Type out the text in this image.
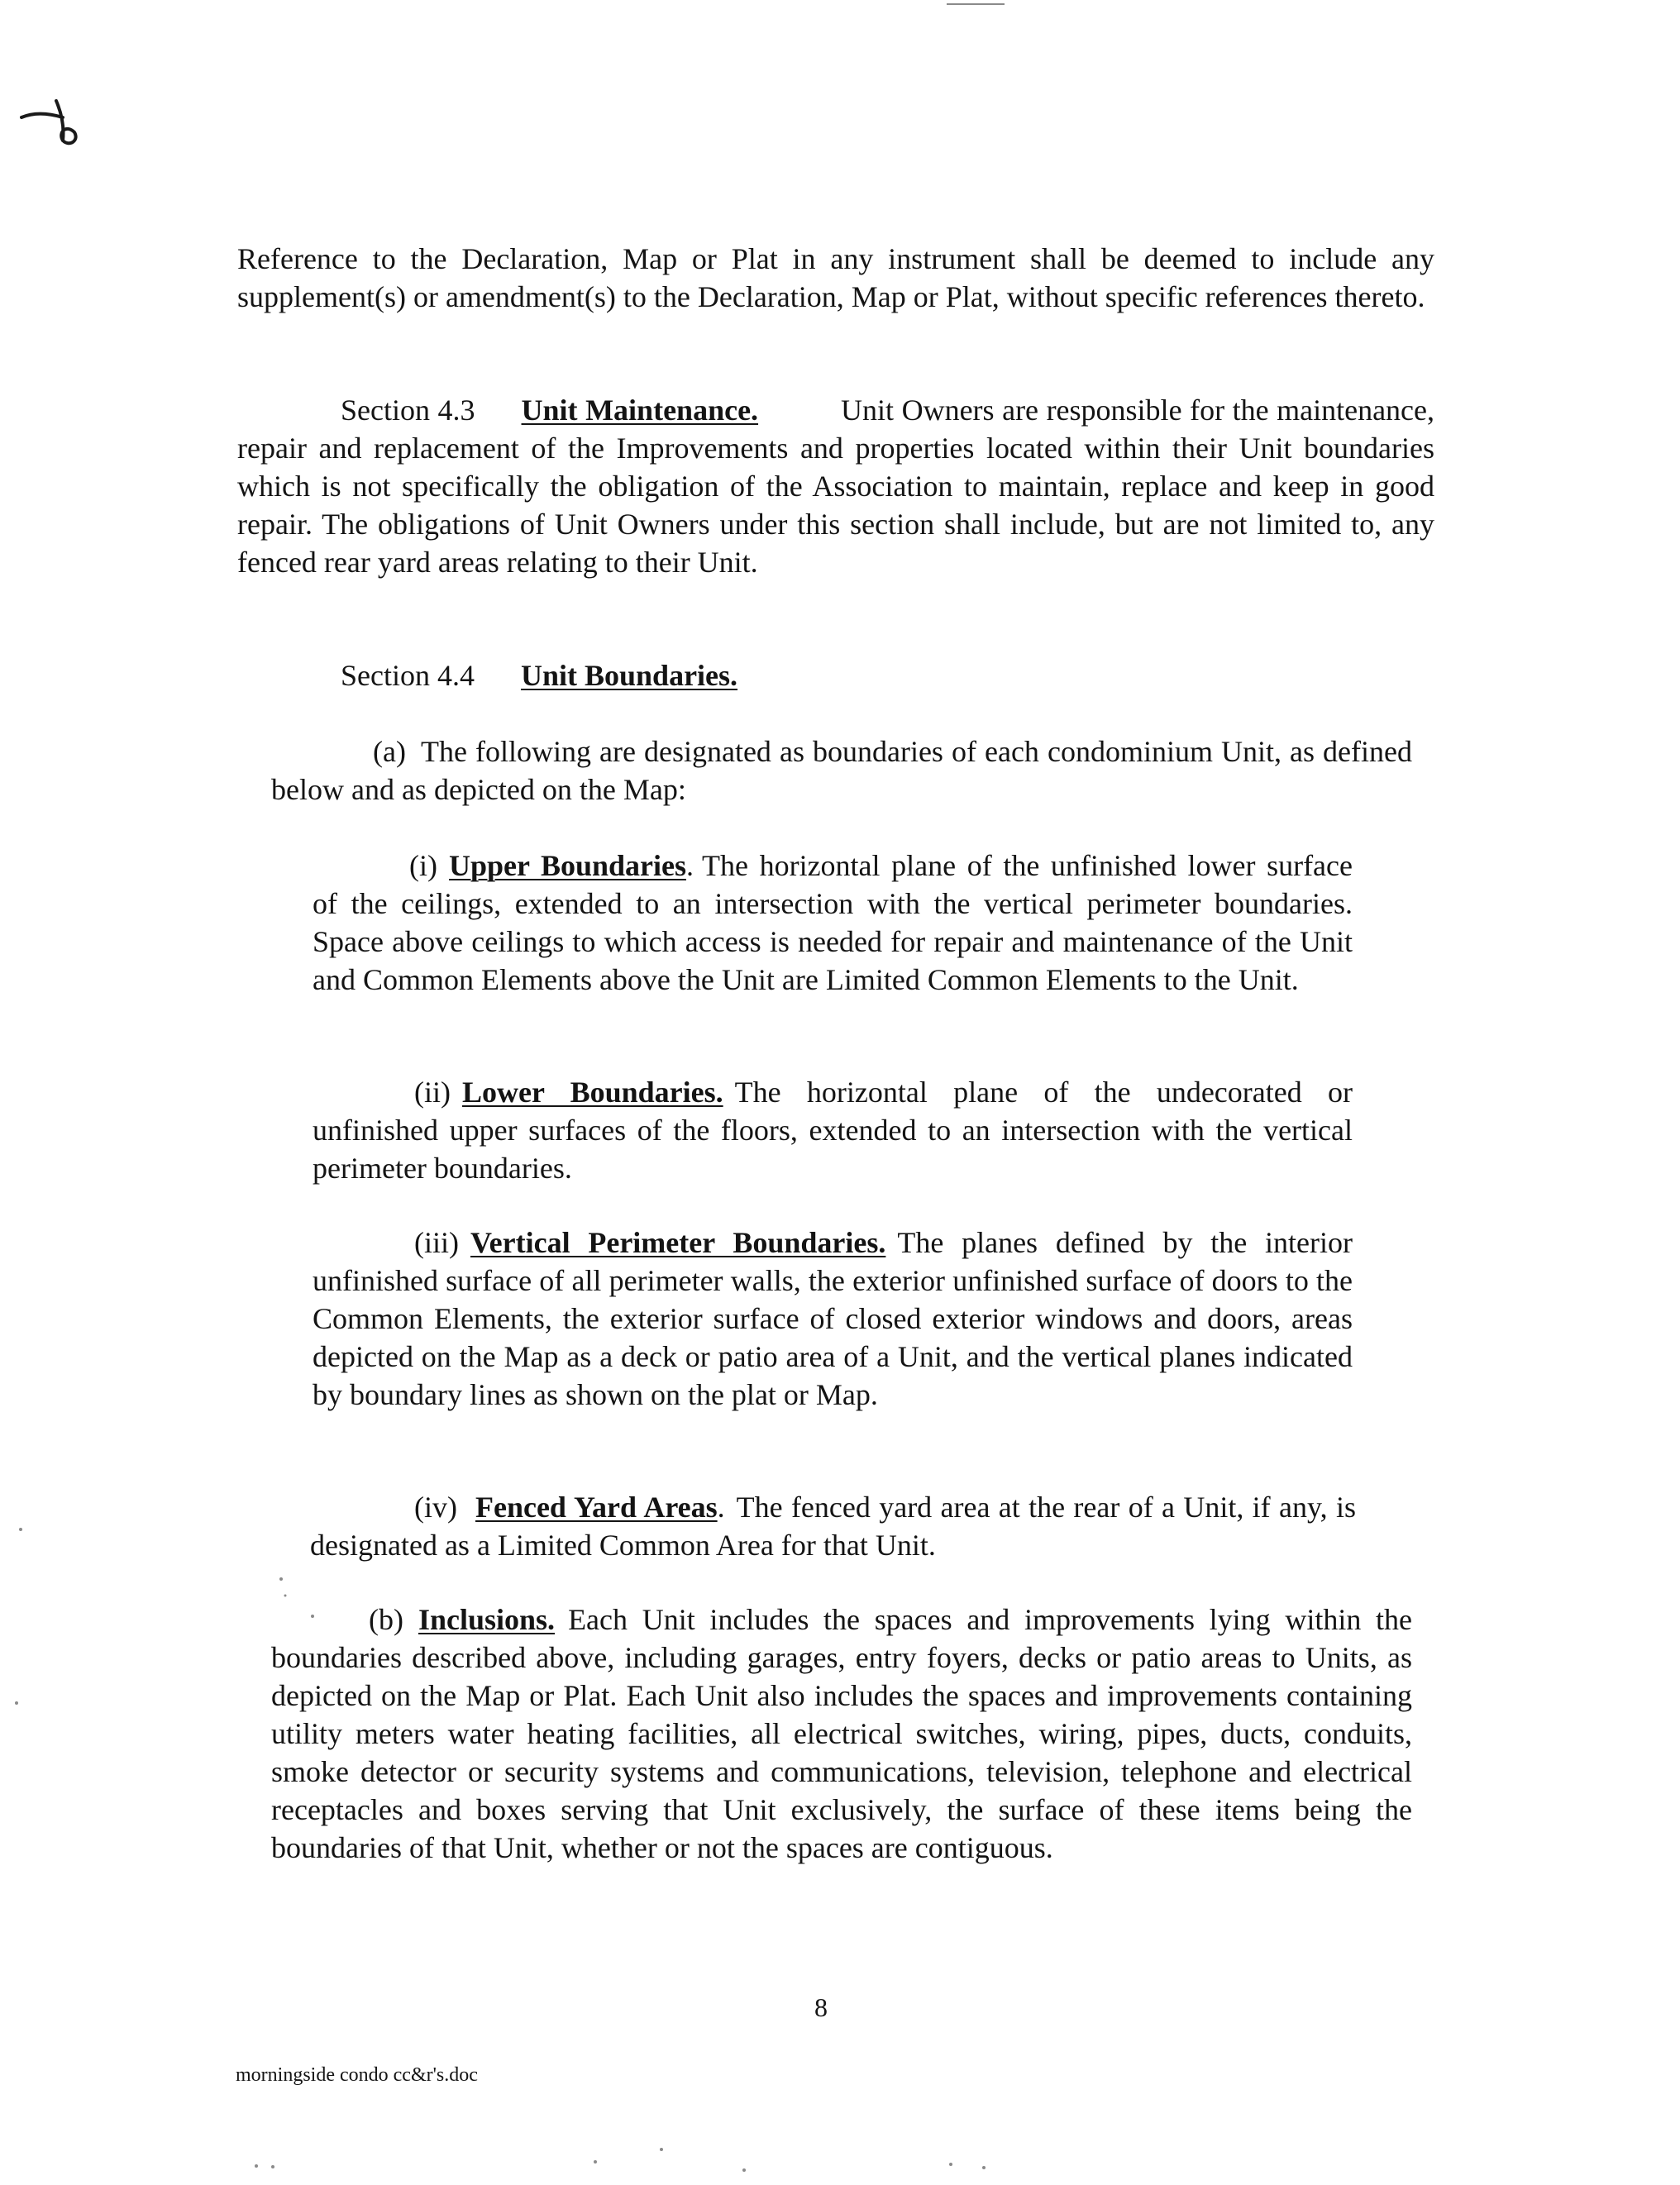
Reference to the Declaration, Map or Plat in any instrument shall be deemed to include any supplement(s) or amendment(s) to the Declaration, Map or Plat, without specific references thereto.

Section 4.3 Unit Maintenance.	Unit Owners are responsible for the maintenance, repair and replacement of the Improvements and properties located within their Unit boundaries which is not specifically the obligation of the Association to maintain, replace and keep in good repair. The obligations of Unit Owners under this section shall include, but are not limited to, any fenced rear yard areas relating to their Unit.

Section 4.4 Unit Boundaries.

(a) The following are designated as boundaries of each condominium Unit, as defined below and as depicted on the Map:

(i) Upper Boundaries. The horizontal plane of the unfinished lower surface of the ceilings, extended to an intersection with the vertical perimeter boundaries. Space above ceilings to which access is needed for repair and maintenance of the Unit and Common Elements above the Unit are Limited Common Elements to the Unit.

(ii) Lower Boundaries. The horizontal plane of the undecorated or unfinished upper surfaces of the floors, extended to an intersection with the vertical perimeter boundaries.

(iii) Vertical Perimeter Boundaries. The planes defined by the interior unfinished surface of all perimeter walls, the exterior unfinished surface of doors to the Common Elements, the exterior surface of closed exterior windows and doors, areas depicted on the Map as a deck or patio area of a Unit, and the vertical planes indicated by boundary lines as shown on the plat or Map.

(iv) Fenced Yard Areas. The fenced yard area at the rear of a Unit, if any, is designated as a Limited Common Area for that Unit.

(b) Inclusions. Each Unit includes the spaces and improvements lying within the boundaries described above, including garages, entry foyers, decks or patio areas to Units, as depicted on the Map or Plat. Each Unit also includes the spaces and improvements containing utility meters water heating facilities, all electrical switches, wiring, pipes, ducts, conduits, smoke detector or security systems and communications, television, telephone and electrical receptacles and boxes serving that Unit exclusively, the surface of these items being the boundaries of that Unit, whether or not the spaces are contiguous.

8
morningside condo cc&r's.doc
